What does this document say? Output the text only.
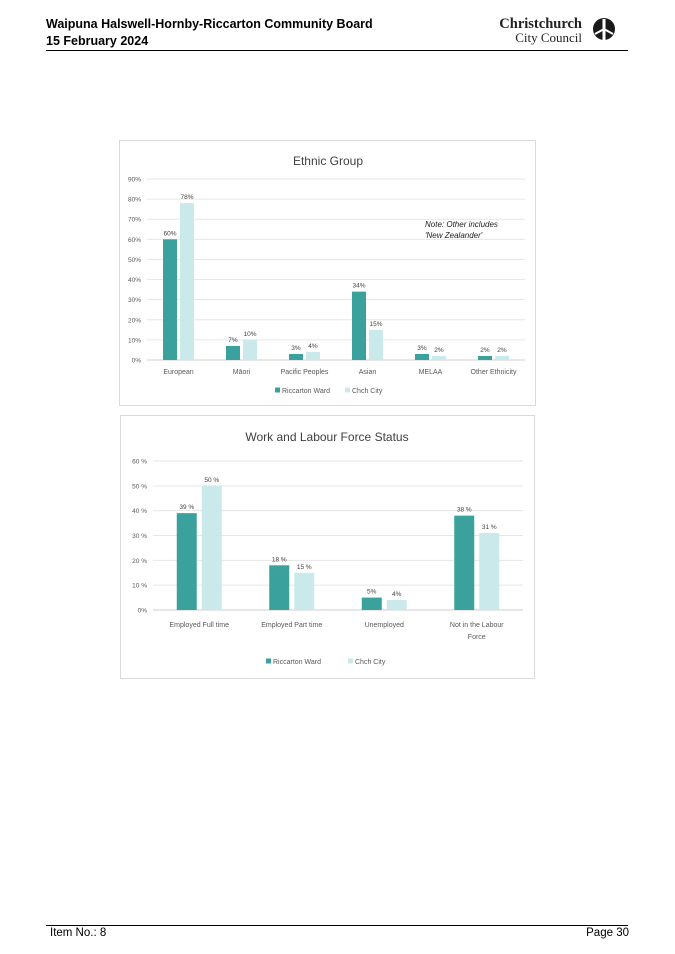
Waipuna Halswell-Hornby-Riccarton Community Board
15 February 2024
Christchurch
City Council
Ethnic Group
0%
10%
20%
30%
40%
50%
60%
70%
80%
90%
European
60%
78%
Māori
7%
10%
Pacific Peoples
3% 4%
Asian
34%
15%
MELAA
3% 2%
Other Ethnicity
2% 2%
Riccarton Ward	Chch City
Note: Other includes
'New Zealander'
Work and Labour Force Status
0%
10 %
20 %
30 %
40 %
50 %
60 %
Employed Full time
39 %
50 %
Employed Part time
18 %
15 %
Unemployed
5% 4%
Not in the Labour
Force
38 %
31 %
Riccarton Ward	Chch City
Item No.: 8	Page 30
